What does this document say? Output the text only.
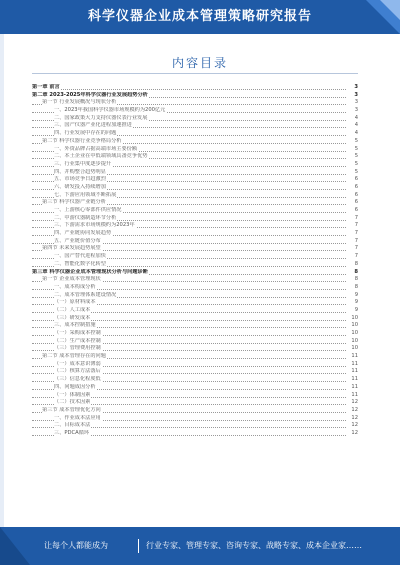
科学仪器企业成本管理策略研究报告
内容目录
第一章 前言	3
第二章 2023-2025年科学仪器行业发展趋势分析	3
第一节 行业发展概况与现状分析	3
一、2023年我国科学仪器市场规模约为200亿元	3
二、国家政策大力支持仪器仪表行业发展	4
三、国产仪器产业化进程加速推进	4
四、行业发展中存在的问题	4
第二节 科学仪器行业竞争格局分析	5
一、外资品牌占据高端市场主要份额	5
二、本土企业在中低端领域具备竞争优势	5
三、行业集中度逐步提升	5
四、并购整合趋势明显	5
五、市场竞争日趋激烈	6
六、研发投入持续增加	6
七、下游应用领域不断拓展	6
第三节 科学仪器产业链分析	6
一、上游核心零部件供应情况	6
二、中游仪器制造环节分析	7
三、下游需求市场规模约为2023年	7
四、产业链协同发展趋势	7
五、产业链价值分布	7
第四节 未来发展趋势展望	7
一、国产替代进程加快	7
二、智能化数字化转型	8
第三章 科学仪器企业成本管理现状分析与问题诊断	8
第一节 企业成本管理现状	8
一、成本构成分析	8
二、成本管理体系建设情况	9
（一）原材料成本	9
（二）人工成本	9
（三）研发成本	10
三、成本控制措施	10
（一）采购成本控制	10
（二）生产成本控制	10
（三）管理费用控制	10
第二节 成本管理存在的问题	11
（一）成本意识薄弱	11
（二）核算方法落后	11
（三）信息化程度低	11
四、问题成因分析	11
（一）体制因素	11
（二）技术因素	12
第三节 成本管理优化方向	12
一、作业成本法应用	12
二、目标成本法	12
三、PDCA循环	12
让每个人都能成为	行业专家、管理专家、咨询专家、战略专家、成本企业家……
